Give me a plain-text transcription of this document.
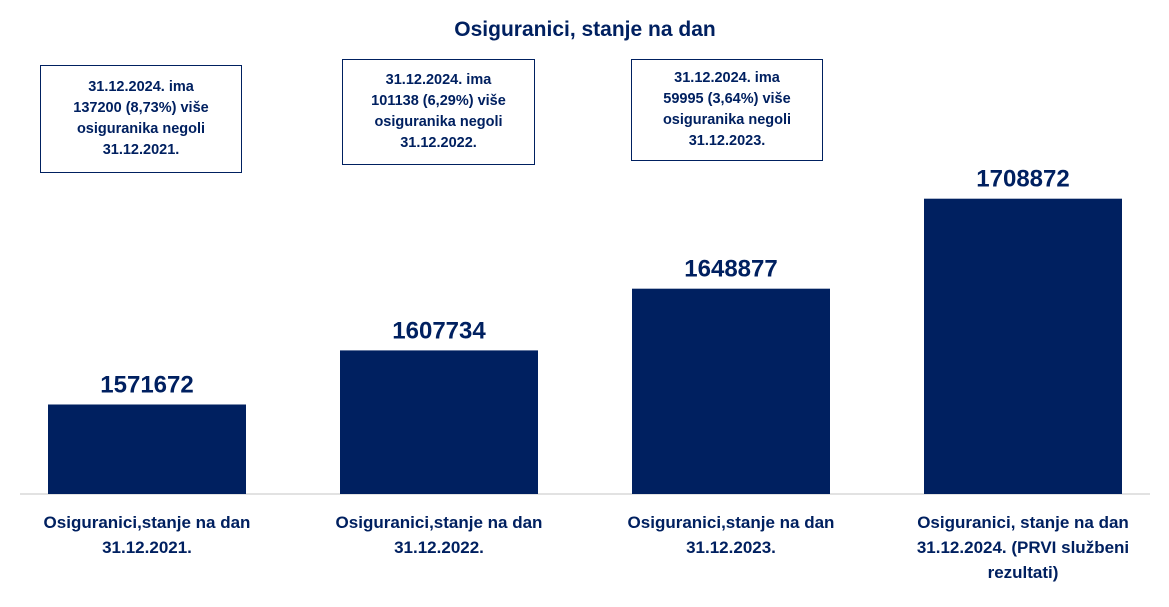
Osiguranici, stanje na dan
1571672
1607734
1648877
1708872
Osiguranici,stanje na dan 31.12.2021.
Osiguranici,stanje na dan 31.12.2022.
Osiguranici,stanje na dan 31.12.2023.
Osiguranici, stanje na dan 31.12.2024. (PRVI službeni rezultati)
31.12.2024. ima
137200 (8,73%) više
osiguranika negoli
31.12.2021.
31.12.2024. ima
101138 (6,29%) više
osiguranika negoli
31.12.2022.
31.12.2024. ima
59995 (3,64%) više
osiguranika negoli
31.12.2023.
